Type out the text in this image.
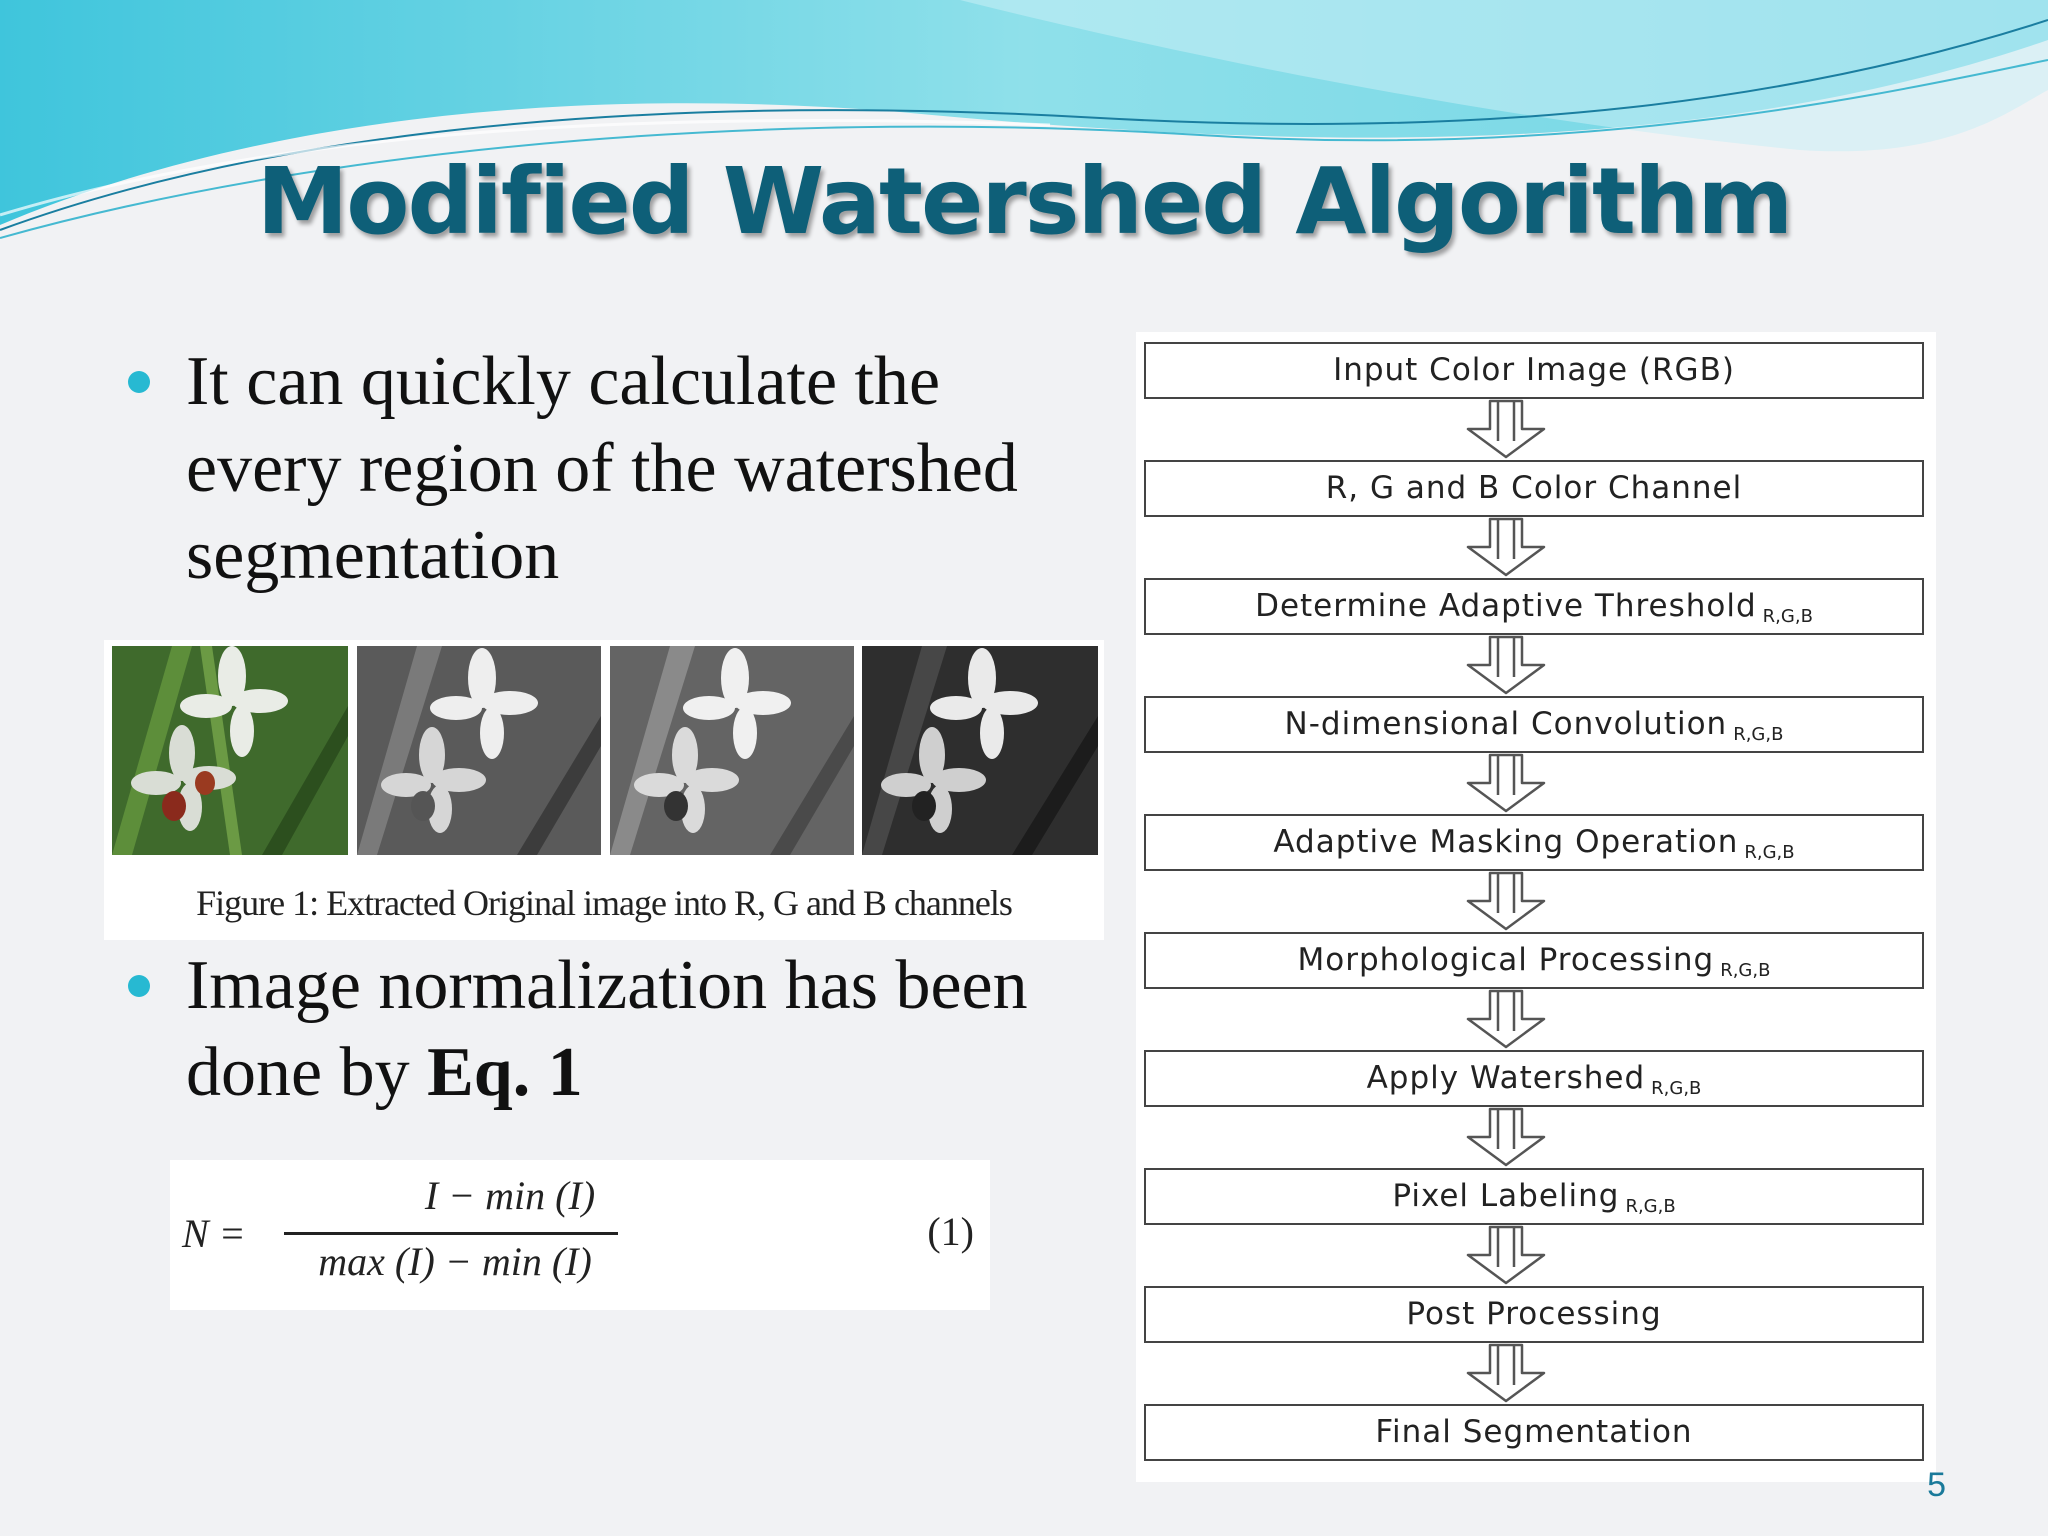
Modified Watershed Algorithm
It can quickly calculate the every region of the watershed segmentation
Figure 1: Extracted Original image into R, G and B channels
Image normalization has been done by Eq. 1
N =
I − min (I)
max (I) − min (I)
(1)
Input Color Image (RGB)
R, G and B Color Channel
Determine Adaptive Threshold $_{R,G,B}$
N-dimensional Convolution $_{R,G,B}$
Adaptive Masking Operation $_{R,G,B}$
Morphological Processing $_{R,G,B}$
Apply Watershed $_{R,G,B}$
Pixel Labeling $_{R,G,B}$
Post Processing
Final Segmentation
5
